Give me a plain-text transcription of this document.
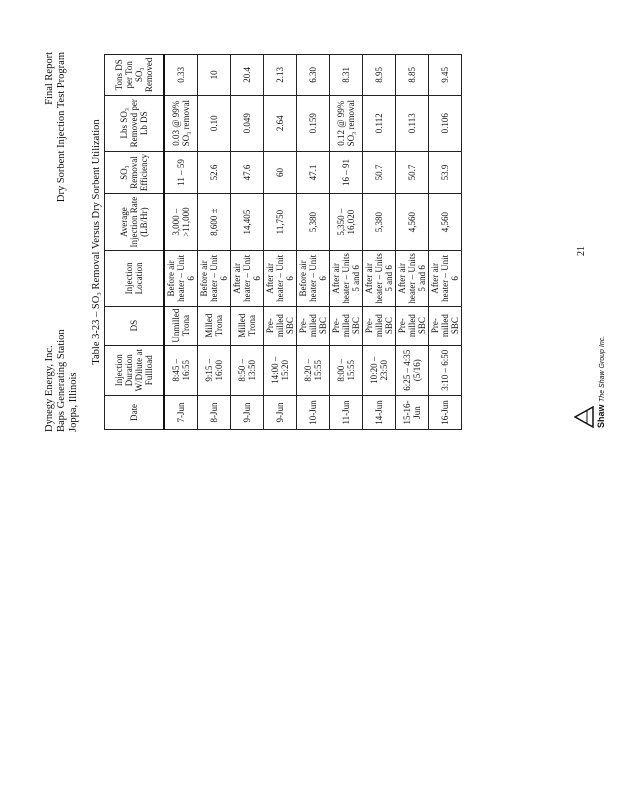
Dynegy Energy, Inc. Baps Generating Station Joppa, Illinois
Final Report Dry Sorbent Injection Test Program Table 3-23 – SO₃ Removal Versus Dry Sorbent Utilization
Date	Injection Duration W/Dilute at Fullload	DS	Injection Location	Average Injection Rate (LB/Hr)	SO₃ Removal Efficiency	Lbs SO₃ Removed per Lb DS	Tons DS per Ton SO₃ Removed
7-Jun	8:45 – 16:55	Unmilled Trona	Before air heater – Unit 6	3,000 – >11,000	11 – 59	0.03 @ 99% SO₃ removal	0.33
8-Jun	9:15 – 16:00	Milled Trona	Before air heater – Unit 6	8,600 ±	52.6	0.10	10
9-Jun	8:50 – 13:50	Milled Trona	After air heater – Unit 6	14,405	47.6	0.049	20.4
9-Jun	14:00 – 15:20	Pre-milled SBC	After air heater – Unit 6	11,750	60	2.64	2.13
10-Jun	8:20 – 15:55	Pre-milled SBC	Before air heater – Unit 6	5,380	47.1	0.159	6.30
11-Jun	8:00 – 15:55	Pre-milled SBC	After air heater – Units 5 and 6	5,350 – 16,020	16 – 91	0.12 @ 99% SO₃ removal	8.31
14-Jun	10:20 – 23:50	Pre-milled SBC	After air heater – Units 5 and 6	5,380	50.7	0.112	8.95
15-16-Jun	6:25 – 4:35 (5/16)	Pre-milled SBC	After air heater – Units 5 and 6	4,560	50.7	0.113	8.85
16-Jun	3:10 – 6:50	Pre-milled SBC	After air heater – Unit 6	4,560	53.9	0.106	9.45
Shaw The Shaw Group Inc.
21
